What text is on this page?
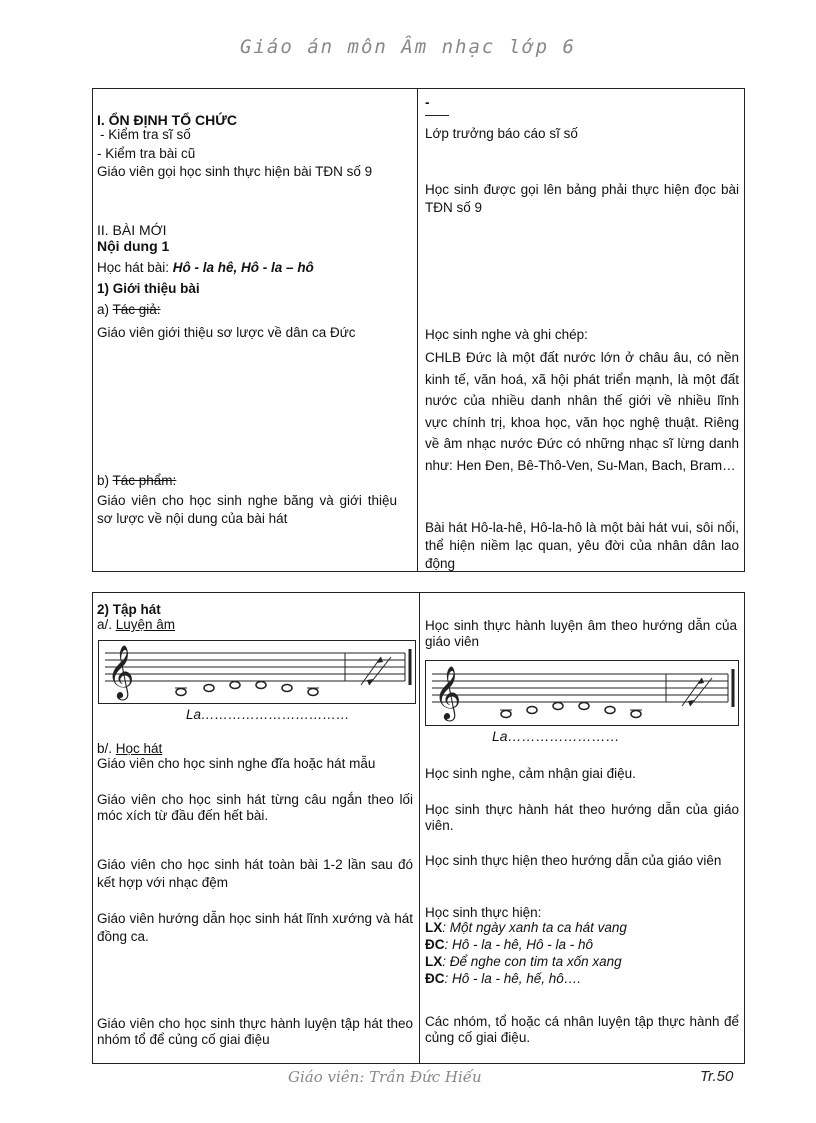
Giáo án môn Âm nhạc lớp 6
I. ỔN ĐỊNH TỔ CHỨC
- Kiểm tra sĩ số
- Kiểm tra bài cũ
Giáo viên gọi học sinh thực hiện bài TĐN số 9
II. BÀI MỚI
Nội dung 1
Học hát bài: Hô - la hê, Hô - la – hô
1) Giới thiệu bài
a) Tác giả:
Giáo viên giới thiệu sơ lược về dân ca Đức
b) Tác phẩm:
Giáo viên cho học sinh nghe băng và giới thiệu sơ lược về nội dung của bài hát
-
Lớp trưởng báo cáo sĩ số
Học sinh được gọi lên bảng phải thực hiện đọc bài TĐN số 9
Học sinh nghe và ghi chép:
CHLB Đức là một đất nước lớn ở châu âu, có nền kinh tế, văn hoá, xã hội phát triển mạnh, là một đất nước của nhiều danh nhân thế giới về nhiều lĩnh vực chính trị, khoa học, văn học nghệ thuật. Riêng về âm nhạc nước Đức có những nhạc sĩ lừng danh như: Hen Đen, Bê-Thô-Ven, Su-Man, Bach, Bram…
Bài hát Hô-la-hê, Hô-la-hô là một bài hát vui, sôi nổi, thể hiện niềm lạc quan, yêu đời của nhân dân lao động
2) Tập hát
a/. Luyện âm
𝄞
La……………………………
b/. Học hát
Giáo viên cho học sinh nghe đĩa hoặc hát mẫu
Giáo viên cho học sinh hát từng câu ngắn theo lối móc xích từ đầu đến hết bài.
Giáo viên cho học sinh hát toàn bài 1-2 lần sau đó kết hợp với nhạc đệm
Giáo viên hướng dẫn học sinh hát lĩnh xướng và hát đồng ca.
Giáo viên cho học sinh thực hành luyện tập hát theo nhóm tổ để củng cố giai điệu
Học sinh thực hành luyện âm theo hướng dẫn của giáo viên
𝄞
La……………………
Học sinh nghe, cảm nhận giai điệu.
Học sinh thực hành hát theo hướng dẫn của giáo viên.
Học sinh thực hiện theo hướng dẫn của giáo viên
Học sinh thực hiện:
LX: Một ngày xanh ta ca hát vang
ĐC: Hô - la - hê, Hô - la - hô
LX: Để nghe con tim ta xốn xang
ĐC: Hô - la - hê, hế, hô….
Các nhóm, tổ hoặc cá nhân luyện tập thực hành để củng cố giai điệu.
Giáo viên: Trần Đức Hiếu	Tr.50
